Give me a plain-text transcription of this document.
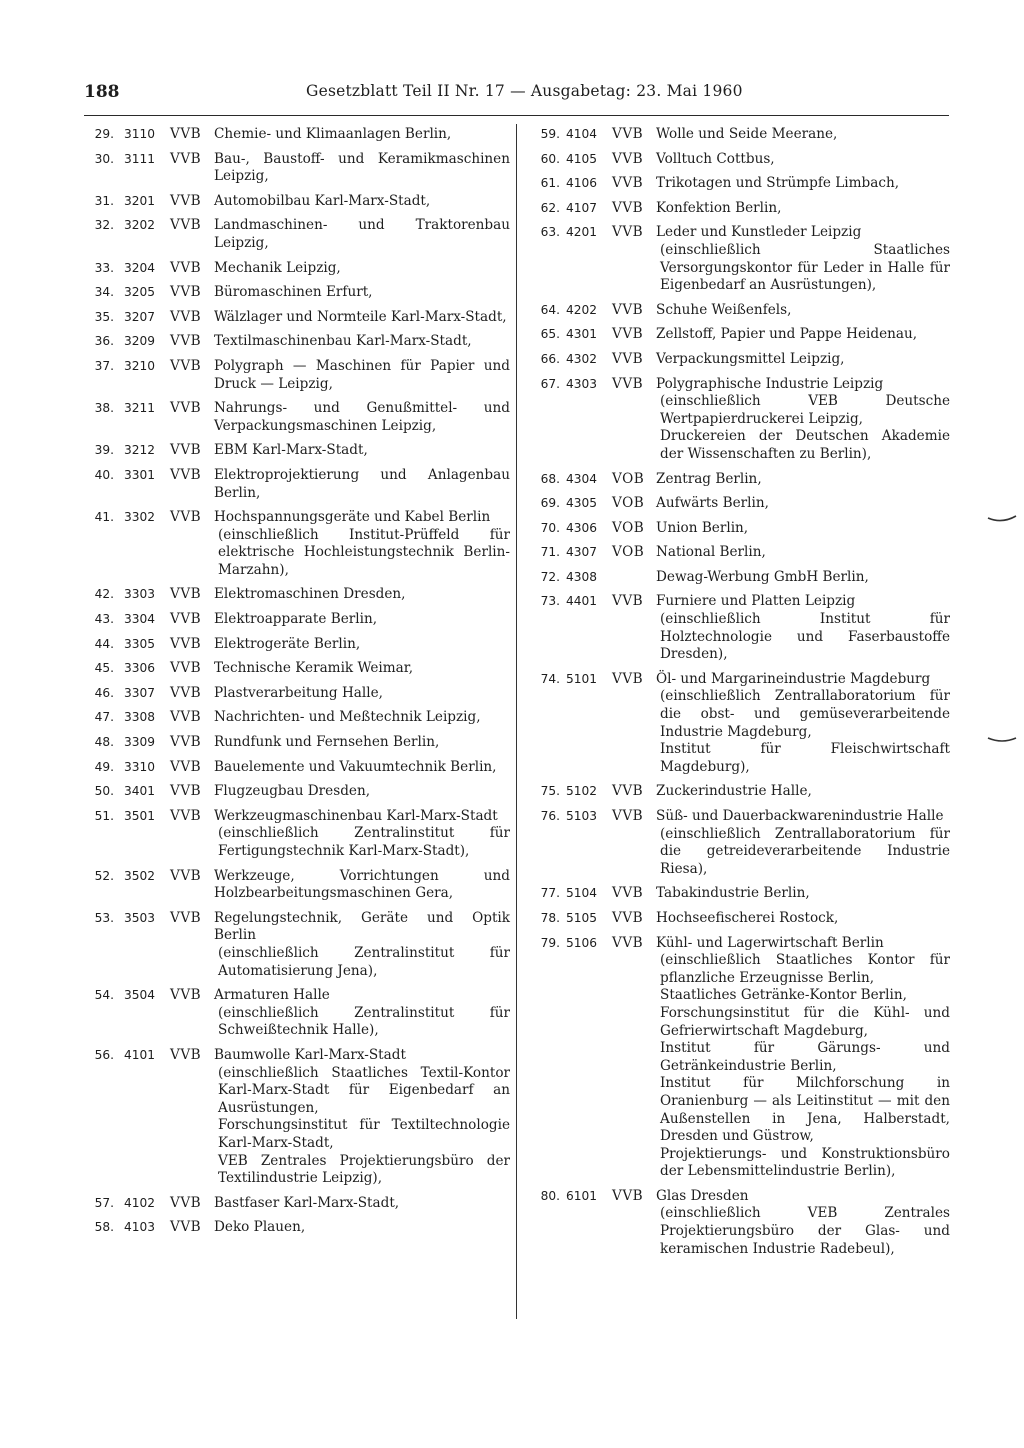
188	Gesetzblatt Teil II Nr. 17 — Ausgabetag: 23. Mai 1960
29. 3110 VVB Chemie- und Klimaanlagen Berlin,
30. 3111 VVB Bau-, Baustoff- und Keramikmaschinen Leipzig,
31. 3201 VVB Automobilbau Karl-Marx-Stadt,
32. 3202 VVB Landmaschinen- und Traktorenbau Leipzig,
33. 3204 VVB Mechanik Leipzig,
34. 3205 VVB Büromaschinen Erfurt,
35. 3207 VVB Wälzlager und Normteile Karl-Marx-Stadt,
36. 3209 VVB Textilmaschinenbau Karl-Marx-Stadt,
37. 3210 VVB Polygraph — Maschinen für Papier und Druck — Leipzig,
38. 3211 VVB Nahrungs- und Genußmittel- und Verpackungsmaschinen Leipzig,
39. 3212 VVB EBM Karl-Marx-Stadt,
40. 3301 VVB Elektroprojektierung und Anlagenbau Berlin,
41. 3302 VVB Hochspannungsgeräte und Kabel Berlin
(einschließlich Institut-Prüffeld für elektrische Hochleistungstechnik Berlin-Marzahn),
42. 3303 VVB Elektromaschinen Dresden,
43. 3304 VVB Elektroapparate Berlin,
44. 3305 VVB Elektrogeräte Berlin,
45. 3306 VVB Technische Keramik Weimar,
46. 3307 VVB Plastverarbeitung Halle,
47. 3308 VVB Nachrichten- und Meßtechnik Leipzig,
48. 3309 VVB Rundfunk und Fernsehen Berlin,
49. 3310 VVB Bauelemente und Vakuumtechnik Berlin,
50. 3401 VVB Flugzeugbau Dresden,
51. 3501 VVB Werkzeugmaschinenbau Karl-Marx-Stadt
(einschließlich Zentralinstitut für Fertigungstechnik Karl-Marx-Stadt),
52. 3502 VVB Werkzeuge, Vorrichtungen und Holzbearbeitungsmaschinen Gera,
53. 3503 VVB Regelungstechnik, Geräte und Optik Berlin
(einschließlich Zentralinstitut für Automatisierung Jena),
54. 3504 VVB Armaturen Halle
(einschließlich Zentralinstitut für Schweißtechnik Halle),
56. 4101 VVB Baumwolle Karl-Marx-Stadt
(einschließlich Staatliches Textil-Kontor Karl-Marx-Stadt für Eigenbedarf an Ausrüstungen,
Forschungsinstitut für Textiltechnologie Karl-Marx-Stadt,
VEB Zentrales Projektierungsbüro der Textilindustrie Leipzig),
57. 4102 VVB Bastfaser Karl-Marx-Stadt,
58. 4103 VVB Deko Plauen,
59. 4104 VVB Wolle und Seide Meerane,
60. 4105 VVB Volltuch Cottbus,
61. 4106 VVB Trikotagen und Strümpfe Limbach,
62. 4107 VVB Konfektion Berlin,
63. 4201 VVB Leder und Kunstleder Leipzig
(einschließlich Staatliches Versorgungskontor für Leder in Halle für Eigenbedarf an Ausrüstungen),
64. 4202 VVB Schuhe Weißenfels,
65. 4301 VVB Zellstoff, Papier und Pappe Heidenau,
66. 4302 VVB Verpackungsmittel Leipzig,
67. 4303 VVB Polygraphische Industrie Leipzig
(einschließlich VEB Deutsche Wertpapierdruckerei Leipzig,
Druckereien der Deutschen Akademie der Wissenschaften zu Berlin),
68. 4304 VOB Zentrag Berlin,
69. 4305 VOB Aufwärts Berlin,
70. 4306 VOB Union Berlin,
71. 4307 VOB National Berlin,
72. 4308	Dewag-Werbung GmbH Berlin,
73. 4401 VVB Furniere und Platten Leipzig
(einschließlich Institut für Holztechnologie und Faserbaustoffe Dresden),
74. 5101 VVB Öl- und Margarineindustrie Magdeburg
(einschließlich Zentrallaboratorium für die obst- und gemüseverarbeitende Industrie Magdeburg,
Institut für Fleischwirtschaft Magdeburg),
75. 5102 VVB Zuckerindustrie Halle,
76. 5103 VVB Süß- und Dauerbackwarenindustrie Halle
(einschließlich Zentrallaboratorium für die getreideverarbeitende Industrie Riesa),
77. 5104 VVB Tabakindustrie Berlin,
78. 5105 VVB Hochseefischerei Rostock,
79. 5106 VVB Kühl- und Lagerwirtschaft Berlin
(einschließlich Staatliches Kontor für pflanzliche Erzeugnisse Berlin,
Staatliches Getränke-Kontor Berlin,
Forschungsinstitut für die Kühl- und Gefrierwirtschaft Magdeburg,
Institut für Gärungs- und Getränkeindustrie Berlin,
Institut für Milchforschung in Oranienburg — als Leitinstitut — mit den Außenstellen in Jena, Halberstadt, Dresden und Güstrow,
Projektierungs- und Konstruktionsbüro der Lebensmittelindustrie Berlin),
80. 6101 VVB Glas Dresden
(einschließlich VEB Zentrales Projektierungsbüro der Glas- und keramischen Industrie Radebeul),
